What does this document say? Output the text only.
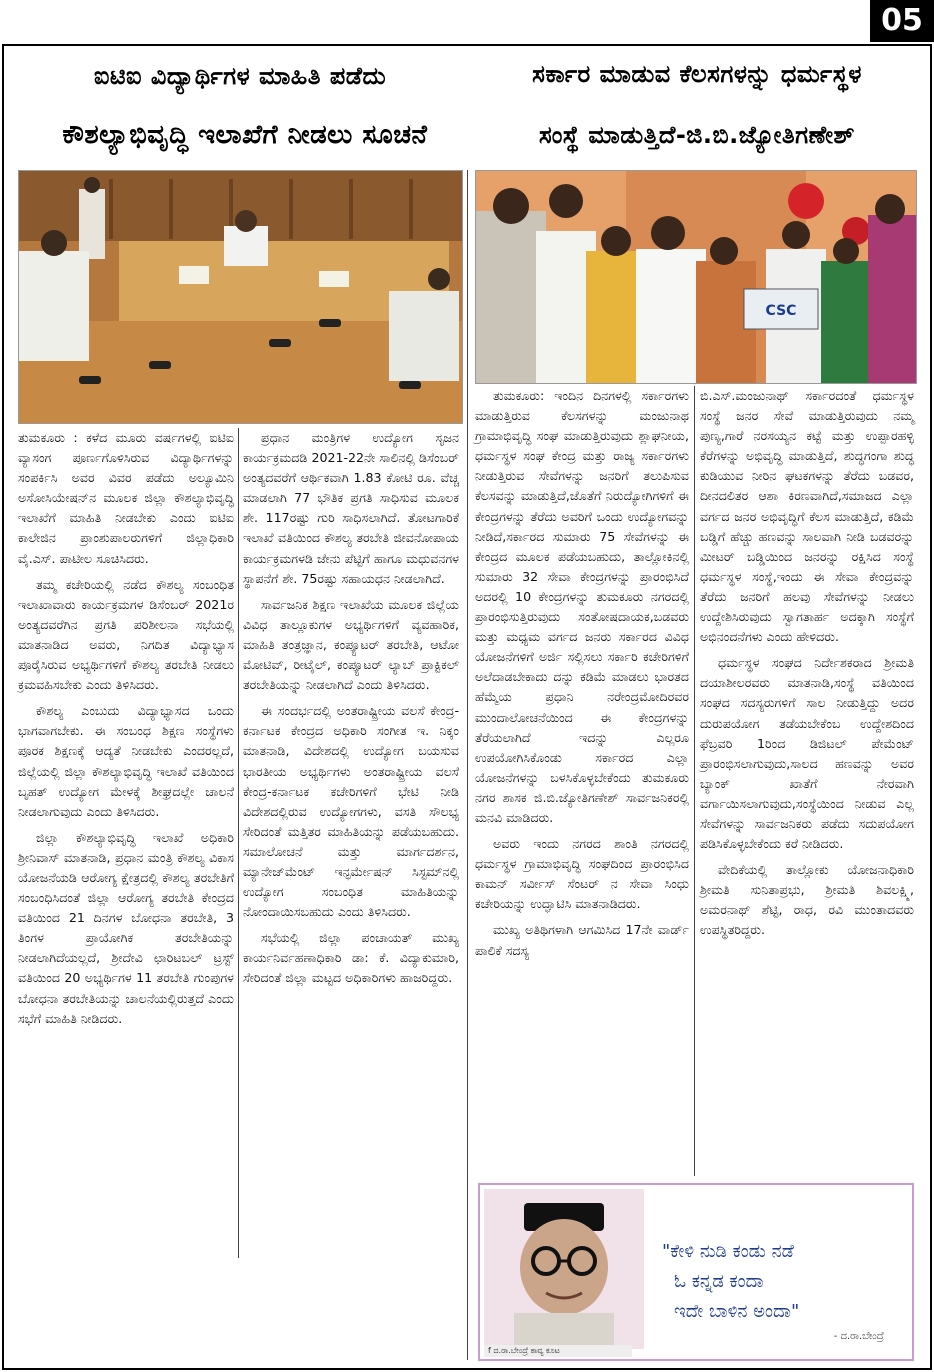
05
ಐಟಿಐ ವಿದ್ಯಾರ್ಥಿಗಳ ಮಾಹಿತಿ ಪಡೆದು
ಕೌಶಲ್ಯಾಭಿವೃದ್ಧಿ ಇಲಾಖೆಗೆ ನೀಡಲು ಸೂಚನೆ
ಸರ್ಕಾರ ಮಾಡುವ ಕೆಲಸಗಳನ್ನು ಧರ್ಮಸ್ಥಳ
ಸಂಸ್ಥೆ ಮಾಡುತ್ತಿದೆ-ಜಿ.ಬಿ.ಜ್ಯೋತಿಗಣೇಶ್
CSC

ತುಮಕೂರು : ಕಳೆದ ಮೂರು ವರ್ಷಗಳಲ್ಲಿ ಐಟಿಐ ವ್ಯಾಸಂಗ ಪೂರ್ಣಗೊಳಿಸಿರುವ ವಿದ್ಯಾರ್ಥಿಗಳನ್ನು ಸಂಪರ್ಕಿಸಿ ಅವರ ವಿವರ ಪಡೆದು ಅಲ್ಯೂಮಿನಿ ಅಸೋಸಿಯೇಷನ್‌ನ ಮೂಲಕ ಜಿಲ್ಲಾ ಕೌಶಲ್ಯಾಭಿವೃದ್ಧಿ ಇಲಾಖೆಗೆ ಮಾಹಿತಿ ನೀಡಬೇಕು ಎಂದು ಐಟಿಐ ಕಾಲೇಜಿನ ಪ್ರಾಂಶುಪಾಲರುಗಳಿಗೆ ಜಿಲ್ಲಾಧಿಕಾರಿ ವೈ.ಎಸ್. ಪಾಟೀಲ ಸೂಚಿಸಿದರು.

ತಮ್ಮ ಕಚೇರಿಯಲ್ಲಿ ನಡೆದ ಕೌಶಲ್ಯ ಸಂಬಂಧಿತ ಇಲಾಖಾವಾರು ಕಾರ್ಯಕ್ರಮಗಳ ಡಿಸೆಂಬರ್ 2021ರ ಅಂತ್ಯದವರೆಗಿನ ಪ್ರಗತಿ ಪರಿಶೀಲನಾ ಸಭೆಯಲ್ಲಿ ಮಾತನಾಡಿದ ಅವರು, ನಿಗದಿತ ವಿದ್ಯಾಭ್ಯಾಸ ಪೂರೈಸಿರುವ ಅಭ್ಯರ್ಥಿಗಳಿಗೆ ಕೌಶಲ್ಯ ತರಬೇತಿ ನೀಡಲು ಕ್ರಮವಹಿಸಬೇಕು ಎಂದು ತಿಳಿಸಿದರು.

ಕೌಶಲ್ಯ ಎಂಬುದು ವಿದ್ಯಾಭ್ಯಾಸದ ಒಂದು ಭಾಗವಾಗಬೇಕು. ಈ ಸಂಬಂಧ ಶಿಕ್ಷಣ ಸಂಸ್ಥೆಗಳು ಪೂರಕ ಶಿಕ್ಷಣಕ್ಕೆ ಆದ್ಯತೆ ನೀಡಬೇಕು ಎಂದರಲ್ಲದೆ, ಜಿಲ್ಲೆಯಲ್ಲಿ ಜಿಲ್ಲಾ ಕೌಶಲ್ಯಾಭಿವೃದ್ಧಿ ಇಲಾಖೆ ವತಿಯಿಂದ ಬೃಹತ್ ಉದ್ಯೋಗ ಮೇಳಕ್ಕೆ ಶೀಘ್ರದಲ್ಲೇ ಚಾಲನೆ ನೀಡಲಾಗುವುದು ಎಂದು ತಿಳಿಸಿದರು.

ಜಿಲ್ಲಾ ಕೌಶಲ್ಯಾಭಿವೃದ್ಧಿ ಇಲಾಖೆ ಅಧಿಕಾರಿ ಶ್ರೀನಿವಾಸ್ ಮಾತನಾಡಿ, ಪ್ರಧಾನ ಮಂತ್ರಿ ಕೌಶಲ್ಯ ವಿಕಾಸ ಯೋಜನೆಯಡಿ ಆರೋಗ್ಯ ಕ್ಷೇತ್ರದಲ್ಲಿ ಕೌಶಲ್ಯ ತರಬೇತಿಗೆ ಸಂಬಂಧಿಸಿದಂತೆ ಜಿಲ್ಲಾ ಆರೋಗ್ಯ ತರಬೇತಿ ಕೇಂದ್ರದ ವತಿಯಿಂದ 21 ದಿನಗಳ ಬೋಧನಾ ತರಬೇತಿ, 3 ತಿಂಗಳ ಪ್ರಾಯೋಗಿಕ ತರಬೇತಿಯನ್ನು ನೀಡಲಾಗಿದೆಯಲ್ಲದೆ, ಶ್ರೀದೇವಿ ಛಾರಿಟಬಲ್ ಟ್ರಸ್ಟ್ ವತಿಯಿಂದ 20 ಅಭ್ಯರ್ಥಿಗಳ 11 ತರಬೇತಿ ಗುಂಪುಗಳ ಬೋಧನಾ ತರಬೇತಿಯನ್ನು ಚಾಲನೆಯಲ್ಲಿರುತ್ತದೆ ಎಂದು ಸಭೆಗೆ ಮಾಹಿತಿ ನೀಡಿದರು.

ಪ್ರಧಾನ ಮಂತ್ರಿಗಳ ಉದ್ಯೋಗ ಸೃಜನ ಕಾರ್ಯಕ್ರಮದಡಿ 2021-22ನೇ ಸಾಲಿನಲ್ಲಿ ಡಿಸೆಂಬರ್ ಅಂತ್ಯದವರೆಗೆ ಆರ್ಥಿಕವಾಗಿ 1.83 ಕೋಟಿ ರೂ. ವೆಚ್ಚ ಮಾಡಲಾಗಿ 77 ಭೌತಿಕ ಪ್ರಗತಿ ಸಾಧಿಸುವ ಮೂಲಕ ಶೇ. 117ರಷ್ಟು ಗುರಿ ಸಾಧಿಸಲಾಗಿದೆ. ತೋಟಗಾರಿಕೆ ಇಲಾಖೆ ವತಿಯಿಂದ ಕೌಶಲ್ಯ ತರಬೇತಿ ಜೀವನೋಪಾಯ ಕಾರ್ಯಕ್ರಮಗಳಡಿ ಜೇನು ಪೆಟ್ಟಿಗೆ ಹಾಗೂ ಮಧುವನಗಳ ಸ್ಥಾಪನೆಗೆ ಶೇ. 75ರಷ್ಟು ಸಹಾಯಧನ ನೀಡಲಾಗಿದೆ.

ಸಾರ್ವಜನಿಕ ಶಿಕ್ಷಣ ಇಲಾಖೆಯ ಮೂಲಕ ಜಿಲ್ಲೆಯ ವಿವಿಧ ತಾಲ್ಲೂಕುಗಳ ಅಭ್ಯರ್ಥಿಗಳಿಗೆ ವ್ಯವಹಾರಿಕ, ಮಾಹಿತಿ ತಂತ್ರಜ್ಞಾನ, ಕಂಪ್ಯೂಟರ್ ತರಬೇತಿ, ಆಟೋ ಮೋಟಿವ್, ರೀಟೈಲ್, ಕಂಪ್ಯೂಟರ್ ಲ್ಯಾಬ್ ಪ್ರಾಕ್ಟಿಕಲ್ ತರಬೇತಿಯನ್ನು ನೀಡಲಾಗಿದೆ ಎಂದು ತಿಳಿಸಿದರು.

ಈ ಸಂದರ್ಭದಲ್ಲಿ ಅಂತರಾಷ್ಟ್ರೀಯ ವಲಸೆ ಕೇಂದ್ರ-ಕರ್ನಾಟಕ ಕೇಂದ್ರದ ಅಧಿಕಾರಿ ಸಂಗೀತ ಇ. ನಿಕ್ಕಂ ಮಾತನಾಡಿ, ವಿದೇಶದಲ್ಲಿ ಉದ್ಯೋಗ ಬಯಸುವ ಭಾರತೀಯ ಅಭ್ಯರ್ಥಿಗಳು ಅಂತರಾಷ್ಟ್ರೀಯ ವಲಸೆ ಕೇಂದ್ರ-ಕರ್ನಾಟಕ ಕಚೇರಿಗಳಿಗೆ ಭೇಟಿ ನೀಡಿ ವಿದೇಶದಲ್ಲಿರುವ ಉದ್ಯೋಗಗಳು, ವಸತಿ ಸೌಲಭ್ಯ ಸೇರಿದಂತೆ ಮತ್ತಿತರ ಮಾಹಿತಿಯನ್ನು ಪಡೆಯಬಹುದು. ಸಮಾಲೋಚನೆ ಮತ್ತು ಮಾರ್ಗದರ್ಶನ, ಮ್ಯಾನೇಜ್‌ಮೆಂಟ್ ಇನ್ಫರ್ಮೇಷನ್ ಸಿಸ್ಟಮ್‌ನಲ್ಲಿ ಉದ್ಯೋಗ ಸಂಬಂಧಿತ ಮಾಹಿತಿಯನ್ನು ನೋಂದಾಯಿಸಬಹುದು ಎಂದು ತಿಳಿಸಿದರು.

ಸಭೆಯಲ್ಲಿ ಜಿಲ್ಲಾ ಪಂಚಾಯತ್ ಮುಖ್ಯ ಕಾರ್ಯನಿರ್ವಹಣಾಧಿಕಾರಿ ಡಾ: ಕೆ. ವಿದ್ಯಾಕುಮಾರಿ, ಸೇರಿದಂತೆ ಜಿಲ್ಲಾ ಮಟ್ಟದ ಅಧಿಕಾರಿಗಳು ಹಾಜರಿದ್ದರು.

ತುಮಕೂರು: ಇಂದಿನ ದಿನಗಳಲ್ಲಿ ಸರ್ಕಾರಗಳು ಮಾಡುತ್ತಿರುವ ಕೆಲಸಗಳನ್ನು ಮಂಜುನಾಥ ಗ್ರಾಮಾಭಿವೃದ್ಧಿ ಸಂಘ ಮಾಡುತ್ತಿರುವುದು ಶ್ಲಾಘನೀಯ, ಧರ್ಮಸ್ಥಳ ಸಂಘ ಕೇಂದ್ರ ಮತ್ತು ರಾಜ್ಯ ಸರ್ಕಾರಗಳು ನೀಡುತ್ತಿರುವ ಸೇವೆಗಳನ್ನು ಜನರಿಗೆ ತಲುಪಿಸುವ ಕೆಲಸವನ್ನು ಮಾಡುತ್ತಿದೆ,ಜೊತೆಗೆ ನಿರುದ್ಯೋಗಿಗಳಿಗೆ ಈ ಕೇಂದ್ರಗಳನ್ನು ತೆರೆದು ಅವರಿಗೆ ಒಂದು ಉದ್ಯೋಗವನ್ನು ನೀಡಿದೆ,ಸರ್ಕಾರದ ಸುಮಾರು 75 ಸೇವೆಗಳನ್ನು ಈ ಕೇಂದ್ರದ ಮೂಲಕ ಪಡೆಯಬಹುದು, ತಾಲ್ಲೋಕಿನಲ್ಲಿ ಸುಮಾರು 32 ಸೇವಾ ಕೇಂದ್ರಗಳನ್ನು ಪ್ರಾರಂಭಿಸಿದೆ ಅದರಲ್ಲಿ 10 ಕೇಂದ್ರಗಳನ್ನು ತುಮಕೂರು ನಗರದಲ್ಲಿ ಪ್ರಾರಂಭಿಸುತ್ತಿರುವುದು ಸಂತೋಷದಾಯಕ,ಬಡವರು ಮತ್ತು ಮಧ್ಯಮ ವರ್ಗದ ಜನರು ಸರ್ಕಾರದ ವಿವಿಧ ಯೋಜನೆಗಳಿಗೆ ಅರ್ಜಿ ಸಲ್ಲಿಸಲು ಸರ್ಕಾರಿ ಕಚೇರಿಗಳಿಗೆ ಅಲೆದಾಡಬೇಕಾದು ದನ್ನು ಕಡಿಮೆ ಮಾಡಲು ಭಾರತದ ಹೆಮ್ಮೆಯ ಪ್ರಧಾನಿ ನರೇಂದ್ರಮೋದಿರವರ ಮುಂದಾಲೋಚನೆಯಿಂದ ಈ ಕೇಂದ್ರಗಳನ್ನು ತೆರೆಯಲಾಗಿದೆ ಇದನ್ನು ಎಲ್ಲರೂ ಉಪಯೋಗಿಸಿಕೊಂಡು ಸರ್ಕಾರದ ಎಲ್ಲಾ ಯೋಜನೆಗಳನ್ನು ಬಳಸಿಕೊಳ್ಳಬೇಕೆಂದು ತುಮಕೂರು ನಗರ ಶಾಸಕ ಜಿ.ಬಿ.ಜ್ಯೋತಿಗಣೇಶ್ ಸಾರ್ವಜನಿಕರಲ್ಲಿ ಮನವಿ ಮಾಡಿದರು.

ಅವರು ಇಂದು ನಗರದ ಶಾಂತಿ ನಗರದಲ್ಲಿ ಧರ್ಮಸ್ಥಳ ಗ್ರಾಮಾಭಿವೃದ್ಧಿ ಸಂಘದಿಂದ ಪ್ರಾರಂಭಿಸಿದ ಕಾಮನ್ ಸರ್ವೀಸ್ ಸೆಂಟರ್ ನ ಸೇವಾ ಸಿಂಧು ಕಚೇರಿಯನ್ನು ಉದ್ಘಾಟಿಸಿ ಮಾತನಾಡಿದರು.

ಮುಖ್ಯ ಅತಿಥಿಗಳಾಗಿ ಆಗಮಿಸಿದ 17ನೇ ವಾರ್ಡ್ ಪಾಲಿಕೆ ಸದಸ್ಯ

ಬಿ.ಎಸ್.ಮಂಜುನಾಥ್ ಸರ್ಕಾರದಂತೆ ಧರ್ಮಸ್ಥಳ ಸಂಸ್ಥೆ ಜನರ ಸೇವೆ ಮಾಡುತ್ತಿರುವುದು ನಮ್ಮ ಪುಣ್ಯ,ಗಾರೆ ನರಸಯ್ಯನ ಕಟ್ಟೆ ಮತ್ತು ಉಪ್ಪಾರಹಳ್ಳಿ ಕೆರೆಗಳನ್ನು ಅಭಿವೃದ್ಧಿ ಮಾಡುತ್ತಿದೆ, ಶುದ್ಧಗಂಗಾ ಶುದ್ಧ ಕುಡಿಯುವ ನೀರಿನ ಘಟಕಗಳನ್ನು ತೆರೆದು ಬಡವರ, ದೀನದಲಿತರ ಆಶಾ ಕಿರಣವಾಗಿದೆ,ಸಮಾಜದ ಎಲ್ಲಾ ವರ್ಗದ ಜನರ ಅಭಿವೃದ್ಧಿಗೆ ಕೆಲಸ ಮಾಡುತ್ತಿದೆ, ಕಡಿಮೆ ಬಡ್ಡಿಗೆ ಹೆಚ್ಚು ಹಣವನ್ನು ಸಾಲವಾಗಿ ನೀಡಿ ಬಡವರನ್ನು ಮೀಟರ್ ಬಡ್ಡಿಯಿಂದ ಜನರನ್ನು ರಕ್ಷಿಸಿದ ಸಂಸ್ಥೆ ಧರ್ಮಸ್ಥಳ ಸಂಸ್ಥೆ,ಇಂದು ಈ ಸೇವಾ ಕೇಂದ್ರವನ್ನು ತೆರೆದು ಜನರಿಗೆ ಹಲವು ಸೇವೆಗಳನ್ನು ನೀಡಲು ಉದ್ದೇಶಿಸಿರುವುದು ಸ್ವಾಗತಾರ್ಹ ಅದಕ್ಕಾಗಿ ಸಂಸ್ಥೆಗೆ ಅಭಿನಂದನೆಗಳು ಎಂದು ಹೇಳಿದರು.

ಧರ್ಮಸ್ಥಳ ಸಂಘದ ನಿರ್ದೇಶಕರಾದ ಶ್ರೀಮತಿ ದಯಾಶೀಲರವರು ಮಾತನಾಡಿ,ಸಂಸ್ಥೆ ವತಿಯಿಂದ ಸಂಘದ ಸದಸ್ಯರುಗಳಿಗೆ ಸಾಲ ನೀಡುತ್ತಿದ್ದು ಅದರ ದುರುಪಯೋಗ ತಡೆಯಬೇಕೆಂಬ ಉದ್ದೇಶದಿಂದ ಫೆಬ್ರವರಿ 1ರಿಂದ ಡಿಜಿಟಲ್ ಪೇಮೆಂಟ್ ಪ್ರಾರಂಭಿಸಲಾಗುವುದು,ಸಾಲದ ಹಣವನ್ನು ಅವರ ಬ್ಯಾಂಕ್ ಖಾತೆಗೆ ನೇರವಾಗಿ ವರ್ಗಾಯಿಸಲಾಗುವುದು,ಸಂಸ್ಥೆಯಿಂದ ನೀಡುವ ಎಲ್ಲ ಸೇವೆಗಳನ್ನು ಸಾರ್ವಜನಿಕರು ಪಡೆದು ಸದುಪಯೋಗ ಪಡಿಸಿಕೊಳ್ಳಬೇಕೆಂದು ಕರೆ ನೀಡಿದರು.

ವೇದಿಕೆಯಲ್ಲಿ ತಾಲ್ಲೋಕು ಯೋಜನಾಧಿಕಾರಿ ಶ್ರೀಮತಿ ಸುನಿತಾಪ್ರಭು, ಶ್ರೀಮತಿ ಶಿವಲಕ್ಷ್ಮಿ, ಅಮರನಾಥ್ ಶೆಟ್ಟಿ, ರಾಧ, ರವಿ ಮುಂತಾದವರು ಉಪಸ್ಥಿತರಿದ್ದರು.

"ಕೇಳಿ ನುಡಿ ಕಂಡು ನಡೆ
ಓ ಕನ್ನಡ ಕಂದಾ
ಇದೇ ಬಾಳಿನ ಅಂದಾ"
- ದ.ರಾ.ಬೇಂದ್ರೆ
f ದ.ರಾ.ಬೇಂದ್ರೆ ಕಾವ್ಯ ಕೂಟ
